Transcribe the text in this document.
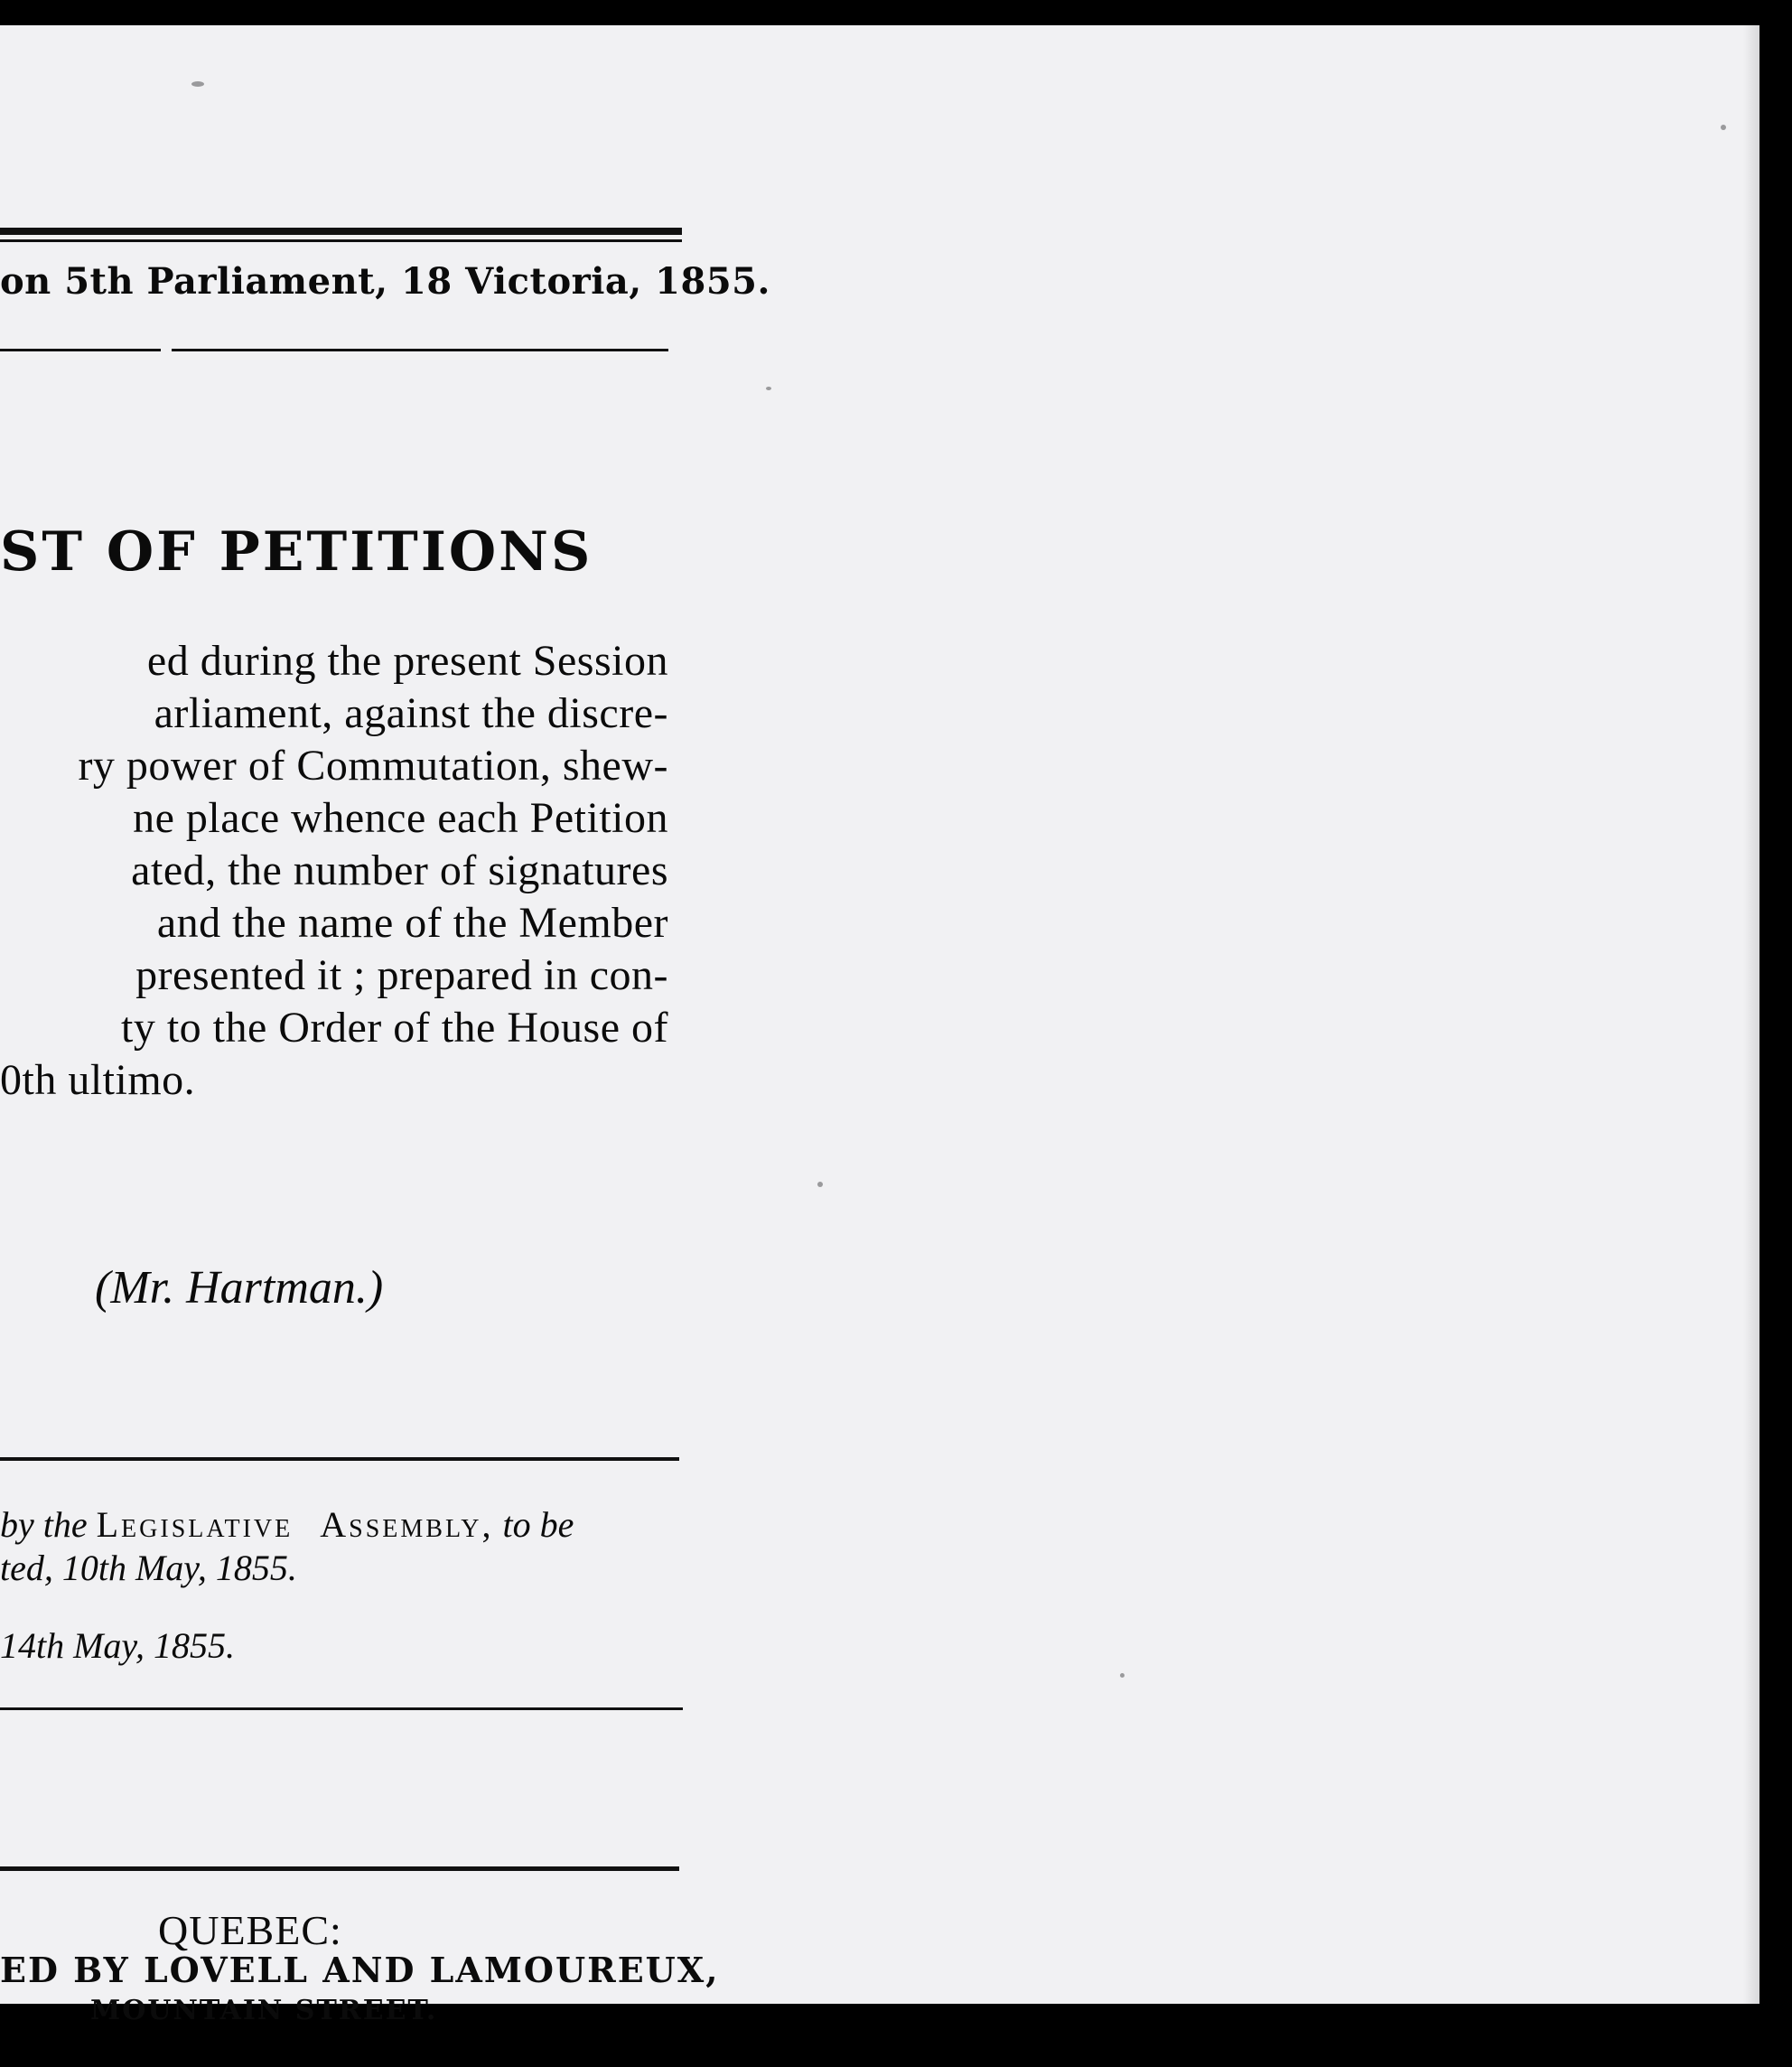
on 5th Parliament, 18 Victoria, 1855.
ST OF PETITIONS
ed during the present Session
arliament, against the discre-
ry power of Commutation, shew-
ne place whence each Petition
ated, the number of signatures
and the name of the Member
presented it ; prepared in con-
ty to the Order of the House of
0th ultimo.
(Mr. Hartman.)
by the Legislative Assembly, to be
ted, 10th May, 1855.
14th May, 1855.
QUEBEC:
ED BY LOVELL AND LAMOUREUX,
MOUNTAIN STREET.
